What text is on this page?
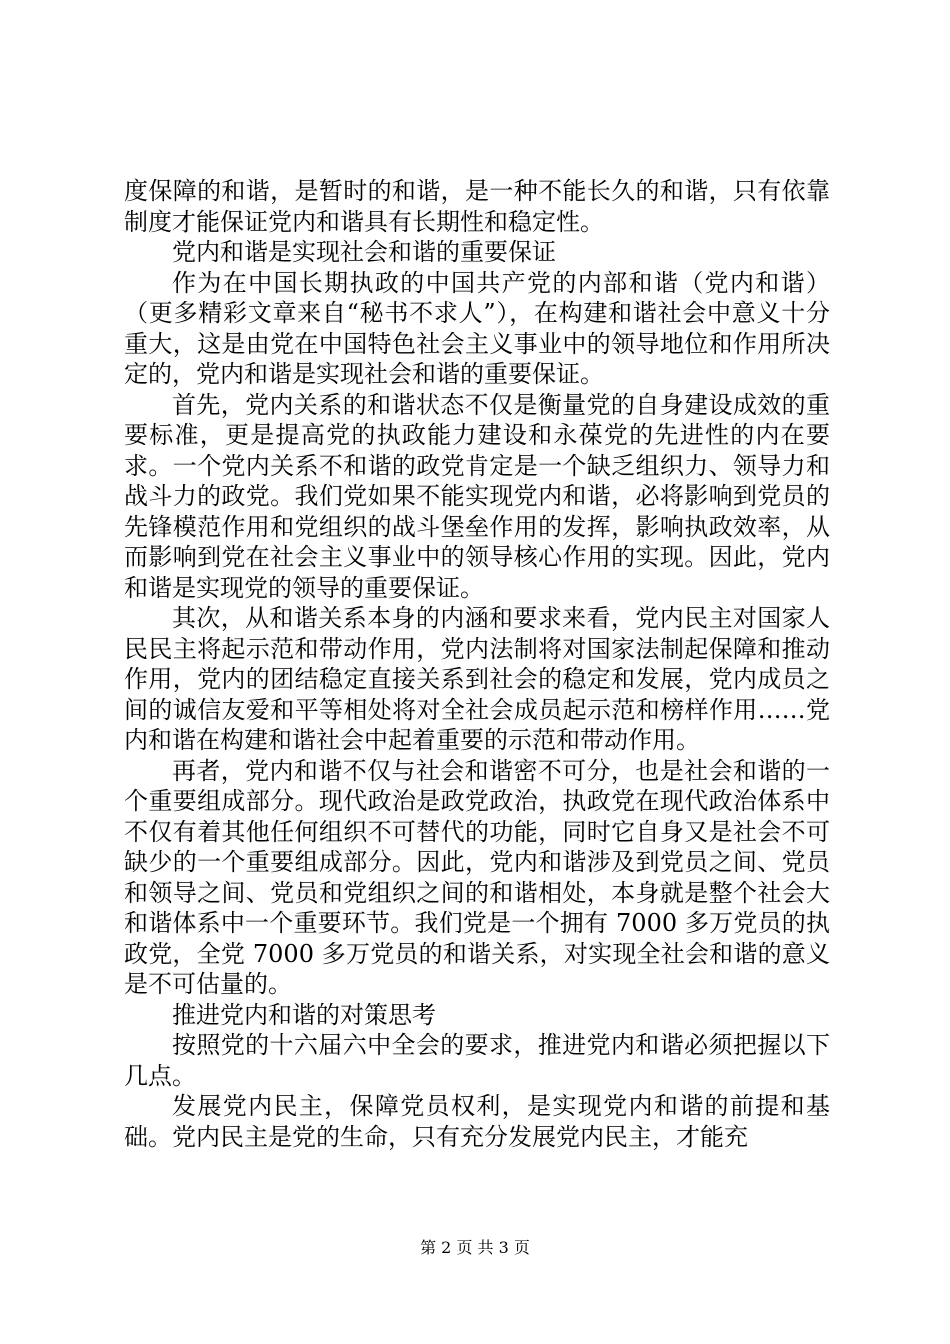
度保障的和谐，是暂时的和谐，是一种不能长久的和谐，只有依靠制度才能保证党内和谐具有长期性和稳定性。

党内和谐是实现社会和谐的重要保证

作为在中国长期执政的中国共产党的内部和谐（党内和谐）（更多精彩文章来自“秘书不求人”），在构建和谐社会中意义十分重大，这是由党在中国特色社会主义事业中的领导地位和作用所决定的，党内和谐是实现社会和谐的重要保证。

首先，党内关系的和谐状态不仅是衡量党的自身建设成效的重要标准，更是提高党的执政能力建设和永葆党的先进性的内在要求。一个党内关系不和谐的政党肯定是一个缺乏组织力、领导力和战斗力的政党。我们党如果不能实现党内和谐，必将影响到党员的先锋模范作用和党组织的战斗堡垒作用的发挥，影响执政效率，从而影响到党在社会主义事业中的领导核心作用的实现。因此，党内和谐是实现党的领导的重要保证。

其次，从和谐关系本身的内涵和要求来看，党内民主对国家人民民主将起示范和带动作用，党内法制将对国家法制起保障和推动作用，党内的团结稳定直接关系到社会的稳定和发展，党内成员之间的诚信友爱和平等相处将对全社会成员起示范和榜样作用……党内和谐在构建和谐社会中起着重要的示范和带动作用。

再者，党内和谐不仅与社会和谐密不可分，也是社会和谐的一个重要组成部分。现代政治是政党政治，执政党在现代政治体系中不仅有着其他任何组织不可替代的功能，同时它自身又是社会不可缺少的一个重要组成部分。因此，党内和谐涉及到党员之间、党员和领导之间、党员和党组织之间的和谐相处，本身就是整个社会大和谐体系中一个重要环节。我们党是一个拥有 7000 多万党员的执政党，全党 7000 多万党员的和谐关系，对实现全社会和谐的意义是不可估量的。

推进党内和谐的对策思考

按照党的十六届六中全会的要求，推进党内和谐必须把握以下几点。

发展党内民主，保障党员权利，是实现党内和谐的前提和基础。党内民主是党的生命，只有充分发展党内民主，才能充

第 2 页 共 3 页
